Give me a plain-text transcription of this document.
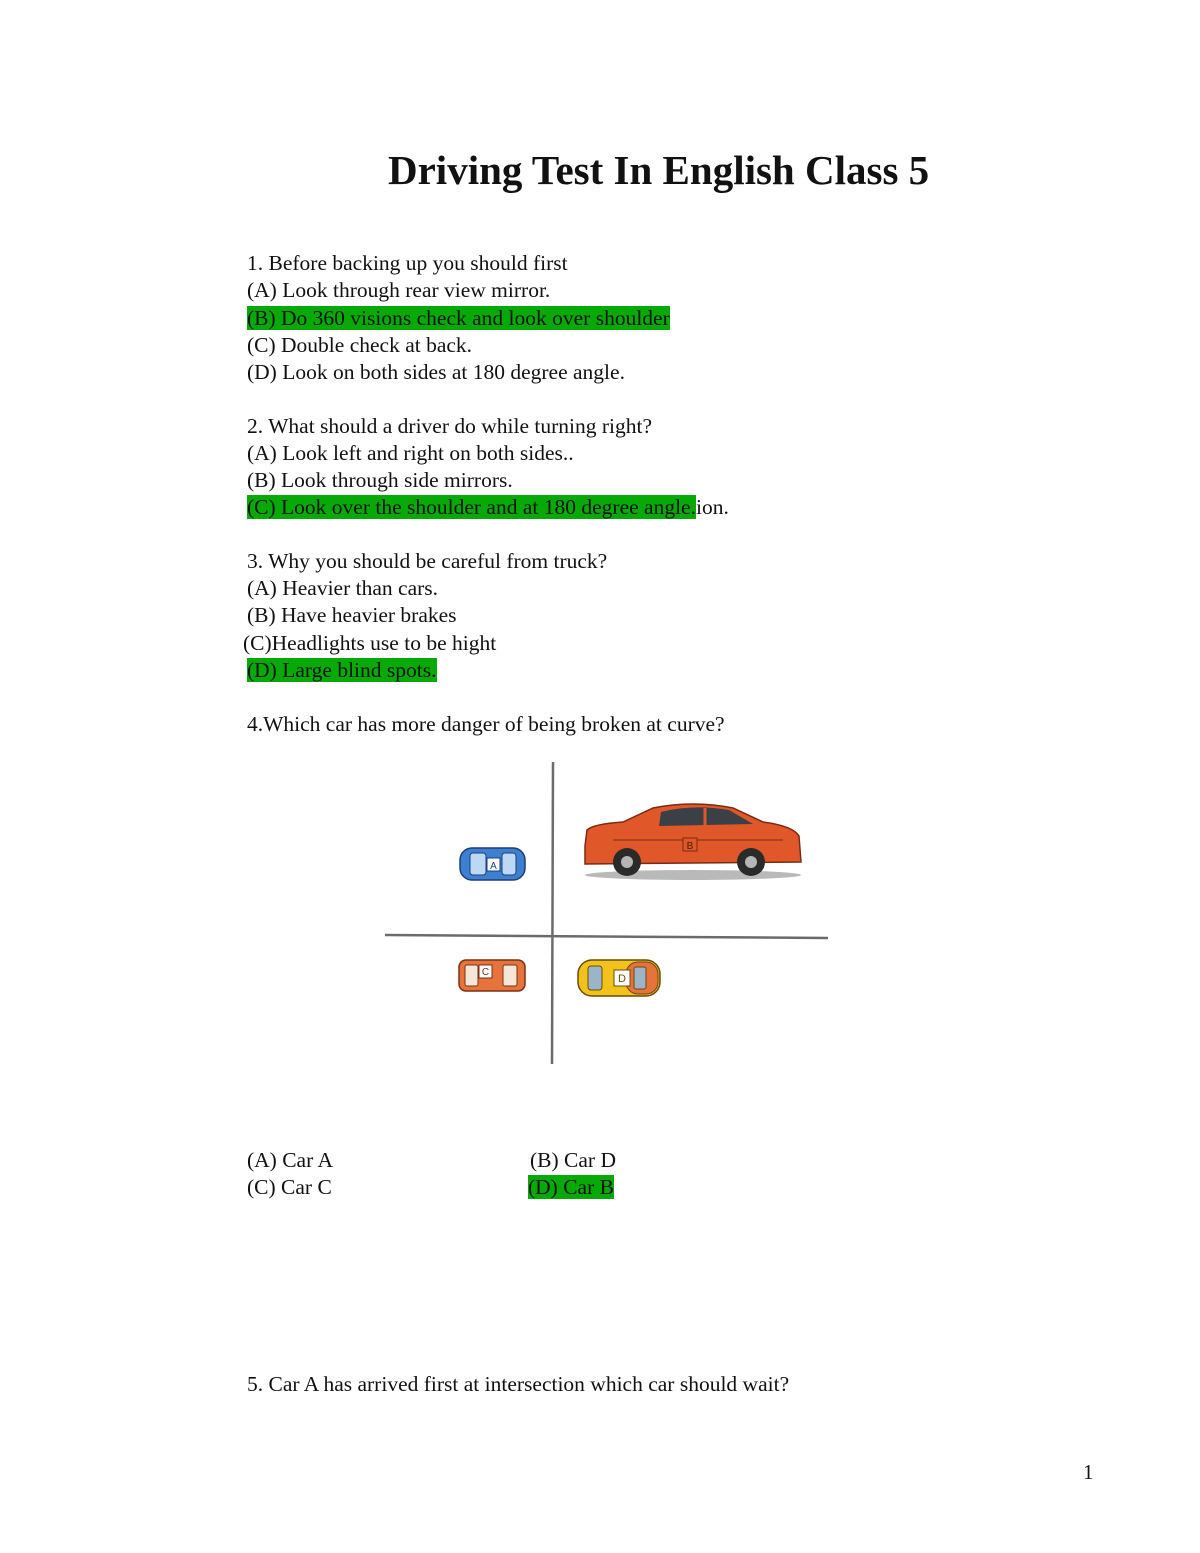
Driving Test In English Class 5
1. Before backing up you should first
(A) Look through rear view mirror.
(B) Do 360 visions check and look over shoulder
(C) Double check at back.
(D) Look on both sides at 180 degree angle.
2. What should a driver do while turning right?
(A) Look left and right on both sides..
(B) Look through side mirrors.
(C) Look over the shoulder and at 180 degree angle.ion.
3. Why you should be careful from truck?
(A) Heavier than cars.
(B) Have heavier brakes
(C)Headlights use to be hight
(D) Large blind spots.
4.Which car has more danger of being broken at curve?
A
B
C
D
(A) Car A	(B) Car D
(C) Car C	(D) Car B
5. Car A has arrived first at intersection which car should wait?
1
